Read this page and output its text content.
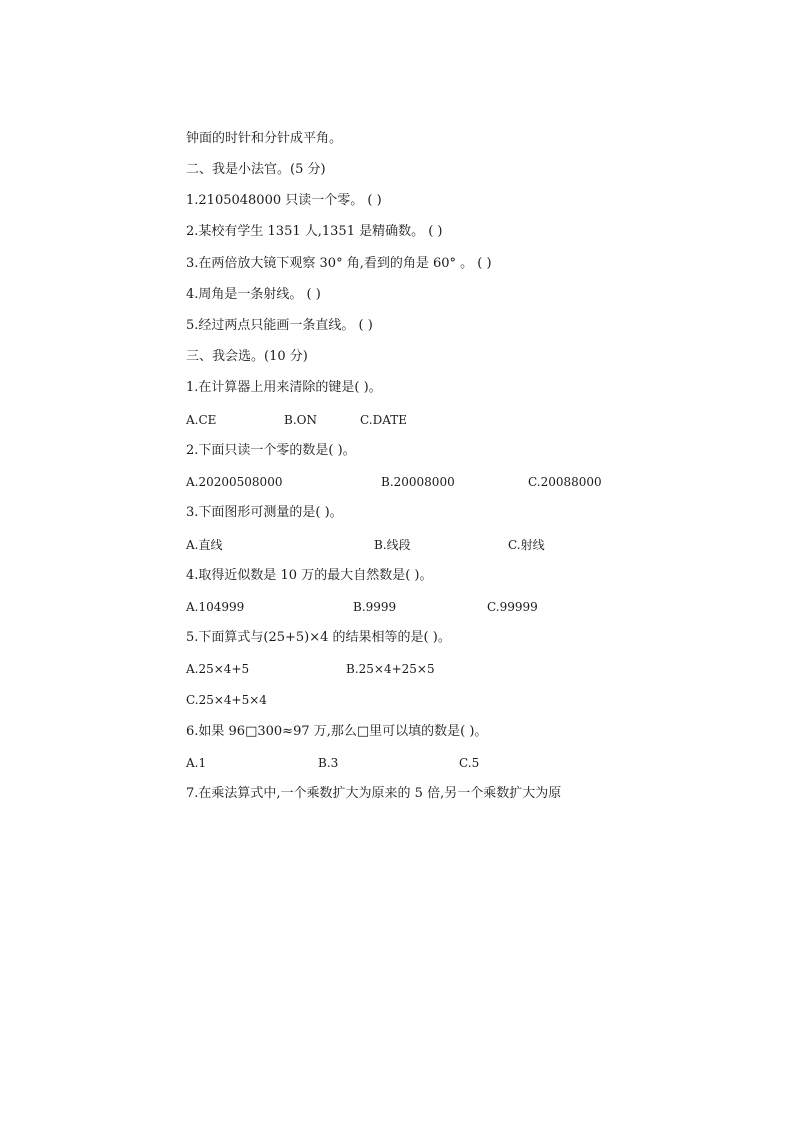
钟面的时针和分针成平角。
二、我是小法官。(5 分)
1.2105048000 只读一个零。 ( )
2.某校有学生 1351 人,1351 是精确数。 ( )
3.在两倍放大镜下观察 30° 角,看到的角是 60° 。 ( )
4.周角是一条射线。 ( )
5.经过两点只能画一条直线。 ( )
三、我会选。(10 分)
1.在计算器上用来清除的键是( )。
A.CE	B.ON	C.DATE
2.下面只读一个零的数是( )。
A.20200508000	B.20008000	C.20088000
3.下面图形可测量的是( )。
A.直线	B.线段	C.射线
4.取得近似数是 10 万的最大自然数是( )。
A.104999	B.9999	C.99999
5.下面算式与(25+5)×4 的结果相等的是( )。
A.25×4+5	B.25×4+25×5
C.25×4+5×4
6.如果 96□300≈97 万,那么□里可以填的数是( )。
A.1	B.3	C.5
7.在乘法算式中,一个乘数扩大为原来的 5 倍,另一个乘数扩大为原
